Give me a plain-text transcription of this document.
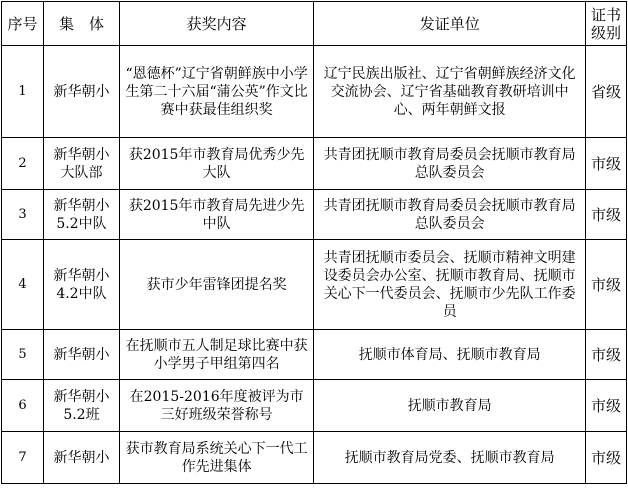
序号	集　体	获奖内容	发证单位	证书级别
1	新华朝小	“恩德杯”辽宁省朝鲜族中小学生第二十六届“蒲公英”作文比赛中获最佳组织奖	辽宁民族出版社、辽宁省朝鲜族经济文化交流协会、辽宁省基础教育教研培训中心、两年朝鲜文报	省级
2	新华朝小大队部	获2015年市教育局优秀少先大队	共青团抚顺市教育局委员会抚顺市教育局总队委员会	市级
3	新华朝小5.2中队	获2015年市教育局先进少先中队	共青团抚顺市教育局委员会抚顺市教育局总队委员会	市级
4	新华朝小4.2中队	获市少年雷锋团提名奖	共青团抚顺市委员会、抚顺市精神文明建设委员会办公室、抚顺市教育局、抚顺市关心下一代委员会、抚顺市少先队工作委员	市级
5	新华朝小	在抚顺市五人制足球比赛中获小学男子甲组第四名	抚顺市体育局、抚顺市教育局	市级
6	新华朝小5.2班	在2015-2016年度被评为市三好班级荣誉称号	抚顺市教育局	市级
7	新华朝小	获市教育局系统关心下一代工作先进集体	抚顺市教育局党委、抚顺市教育局	市级
